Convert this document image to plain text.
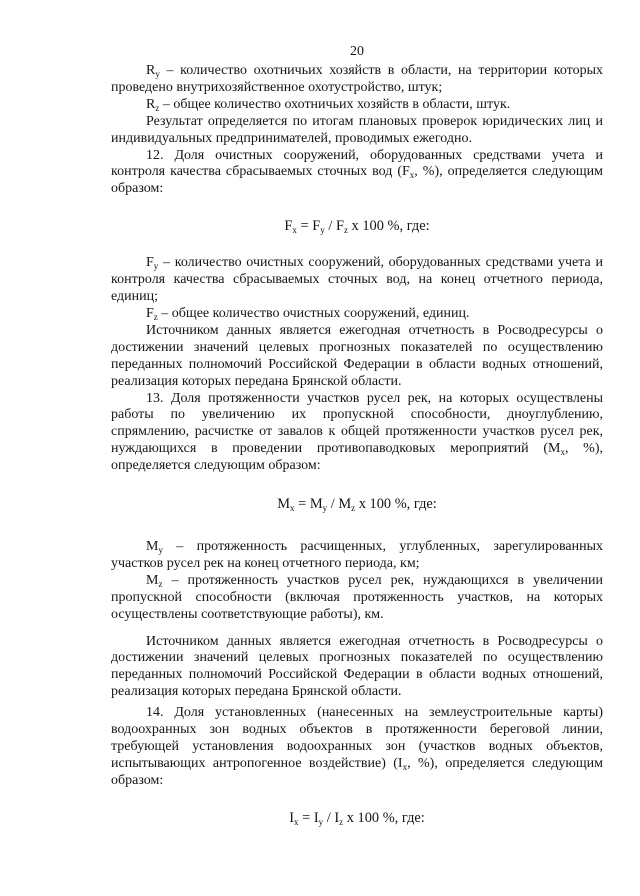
20

$R_y$ – количество охотничьих хозяйств в области, на территории которых проведено внутрихозяйственное охотустройство, штук;

$R_z$ – общее количество охотничьих хозяйств в области, штук.

Результат определяется по итогам плановых проверок юридических лиц и индивидуальных предпринимателей, проводимых ежегодно.

12. Доля очистных сооружений, оборудованных средствами учета и контроля качества сбрасываемых сточных вод ($F_x$, %), определяется следующим образом:

$F_x = F_y / F_z$ x 100 %, где:

$F_y$ – количество очистных сооружений, оборудованных средствами учета и контроля качества сбрасываемых сточных вод, на конец отчетного периода, единиц;

$F_z$ – общее количество очистных сооружений, единиц.

Источником данных является ежегодная отчетность в Росводресурсы о достижении значений целевых прогнозных показателей по осуществлению переданных полномочий Российской Федерации в области водных отношений, реализация которых передана Брянской области.

13. Доля протяженности участков русел рек, на которых осуществлены работы по увеличению их пропускной способности, дноуглублению, спрямлению, расчистке от завалов к общей протяженности участков русел рек, нуждающихся в проведении противопаводковых мероприятий ($M_x$, %), определяется следующим образом:

$M_x = M_y / M_z$ x 100 %, где:

$M_y$ – протяженность расчищенных, углубленных, зарегулированных участков русел рек на конец отчетного периода, км;

$M_z$ – протяженность участков русел рек, нуждающихся в увеличении пропускной способности (включая протяженность участков, на которых осуществлены соответствующие работы), км.

Источником данных является ежегодная отчетность в Росводресурсы о достижении значений целевых прогнозных показателей по осуществлению переданных полномочий Российской Федерации в области водных отношений, реализация которых передана Брянской области.

14. Доля установленных (нанесенных на землеустроительные карты) водоохранных зон водных объектов в протяженности береговой линии, требующей установления водоохранных зон (участков водных объектов, испытывающих антропогенное воздействие) ($I_x$, %), определяется следующим образом:

$I_x = I_y / I_z$ x 100 %, где:
